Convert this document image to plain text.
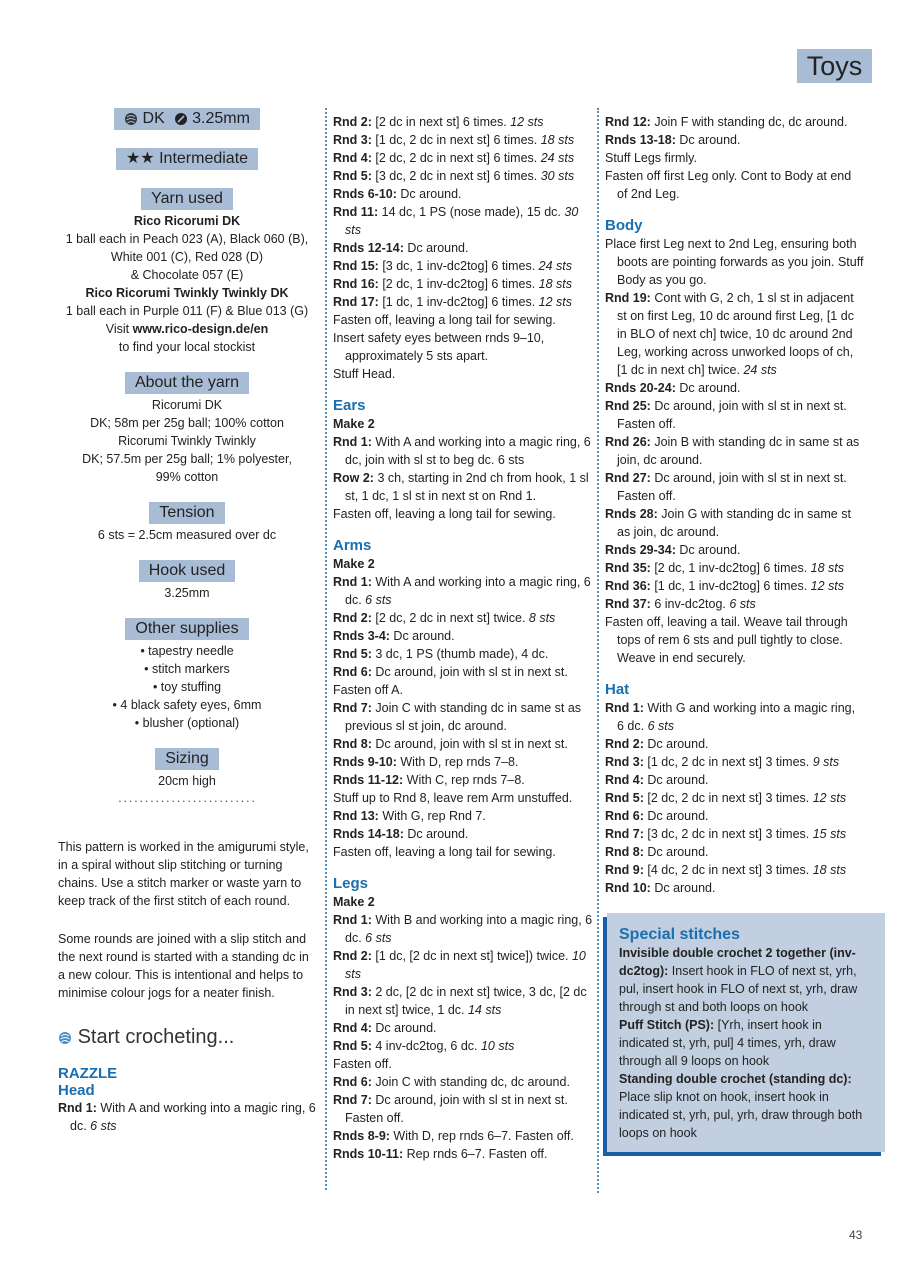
Toys
DK 3.25mm
★★ Intermediate
Yarn used
Rico Ricorumi DK
1 ball each in Peach 023 (A), Black 060 (B),
White 001 (C), Red 028 (D)
& Chocolate 057 (E)
Rico Ricorumi Twinkly Twinkly DK
1 ball each in Purple 011 (F) & Blue 013 (G)
Visit www.rico-design.de/en
to find your local stockist
About the yarn
Ricorumi DK
DK; 58m per 25g ball; 100% cotton
Ricorumi Twinkly Twinkly
DK; 57.5m per 25g ball; 1% polyester,
99% cotton
Tension
6 sts = 2.5cm measured over dc
Hook used
3.25mm
Other supplies
• tapestry needle
• stitch markers
• toy stuffing
• 4 black safety eyes, 6mm
• blusher (optional)
Sizing
20cm high
··························
This pattern is worked in the amigurumi style, in a spiral without slip stitching or turning chains. Use a stitch marker or waste yarn to keep track of the first stitch of each round.
Some rounds are joined with a slip stitch and the next round is started with a standing dc in a new colour. This is intentional and helps to minimise colour jogs for a neater finish.
Start crocheting...
RAZZLE
Head
Rnd 1: With A and working into a magic ring, 6 dc. 6 sts
Rnd 2: [2 dc in next st] 6 times. 12 sts
Rnd 3: [1 dc, 2 dc in next st] 6 times. 18 sts
Rnd 4: [2 dc, 2 dc in next st] 6 times. 24 sts
Rnd 5: [3 dc, 2 dc in next st] 6 times. 30 sts
Rnds 6-10: Dc around.
Rnd 11: 14 dc, 1 PS (nose made), 15 dc. 30 sts
Rnds 12-14: Dc around.
Rnd 15: [3 dc, 1 inv-dc2tog] 6 times. 24 sts
Rnd 16: [2 dc, 1 inv-dc2tog] 6 times. 18 sts
Rnd 17: [1 dc, 1 inv-dc2tog] 6 times. 12 sts
Fasten off, leaving a long tail for sewing.
Insert safety eyes between rnds 9–10, approximately 5 sts apart.
Stuff Head.
Ears
Make 2
Rnd 1: With A and working into a magic ring, 6 dc, join with sl st to beg dc. 6 sts
Row 2: 3 ch, starting in 2nd ch from hook, 1 sl st, 1 dc, 1 sl st in next st on Rnd 1.
Fasten off, leaving a long tail for sewing.
Arms
Make 2
Rnd 1: With A and working into a magic ring, 6 dc. 6 sts
Rnd 2: [2 dc, 2 dc in next st] twice. 8 sts
Rnds 3-4: Dc around.
Rnd 5: 3 dc, 1 PS (thumb made), 4 dc.
Rnd 6: Dc around, join with sl st in next st.
Fasten off A.
Rnd 7: Join C with standing dc in same st as previous sl st join, dc around.
Rnd 8: Dc around, join with sl st in next st.
Rnds 9-10: With D, rep rnds 7–8.
Rnds 11-12: With C, rep rnds 7–8.
Stuff up to Rnd 8, leave rem Arm unstuffed.
Rnd 13: With G, rep Rnd 7.
Rnds 14-18: Dc around.
Fasten off, leaving a long tail for sewing.
Legs
Make 2
Rnd 1: With B and working into a magic ring, 6 dc. 6 sts
Rnd 2: [1 dc, [2 dc in next st] twice]) twice. 10 sts
Rnd 3: 2 dc, [2 dc in next st] twice, 3 dc, [2 dc in next st] twice, 1 dc. 14 sts
Rnd 4: Dc around.
Rnd 5: 4 inv-dc2tog, 6 dc. 10 sts
Fasten off.
Rnd 6: Join C with standing dc, dc around.
Rnd 7: Dc around, join with sl st in next st. Fasten off.
Rnds 8-9: With D, rep rnds 6–7. Fasten off.
Rnds 10-11: Rep rnds 6–7. Fasten off.
Rnd 12: Join F with standing dc, dc around.
Rnds 13-18: Dc around.
Stuff Legs firmly.
Fasten off first Leg only. Cont to Body at end of 2nd Leg.
Body
Place first Leg next to 2nd Leg, ensuring both boots are pointing forwards as you join. Stuff Body as you go.
Rnd 19: Cont with G, 2 ch, 1 sl st in adjacent st on first Leg, 10 dc around first Leg, [1 dc in BLO of next ch] twice, 10 dc around 2nd Leg, working across unworked loops of ch, [1 dc in next ch] twice. 24 sts
Rnds 20-24: Dc around.
Rnd 25: Dc around, join with sl st in next st. Fasten off.
Rnd 26: Join B with standing dc in same st as join, dc around.
Rnd 27: Dc around, join with sl st in next st. Fasten off.
Rnds 28: Join G with standing dc in same st as join, dc around.
Rnds 29-34: Dc around.
Rnd 35: [2 dc, 1 inv-dc2tog] 6 times. 18 sts
Rnd 36: [1 dc, 1 inv-dc2tog] 6 times. 12 sts
Rnd 37: 6 inv-dc2tog. 6 sts
Fasten off, leaving a tail. Weave tail through tops of rem 6 sts and pull tightly to close. Weave in end securely.
Hat
Rnd 1: With G and working into a magic ring, 6 dc. 6 sts
Rnd 2: Dc around.
Rnd 3: [1 dc, 2 dc in next st] 3 times. 9 sts
Rnd 4: Dc around.
Rnd 5: [2 dc, 2 dc in next st] 3 times. 12 sts
Rnd 6: Dc around.
Rnd 7: [3 dc, 2 dc in next st] 3 times. 15 sts
Rnd 8: Dc around.
Rnd 9: [4 dc, 2 dc in next st] 3 times. 18 sts
Rnd 10: Dc around.
Special stitches
Invisible double crochet 2 together (inv-dc2tog): Insert hook in FLO of next st, yrh, pul, insert hook in FLO of next st, yrh, draw through st and both loops on hook
Puff Stitch (PS): [Yrh, insert hook in indicated st, yrh, pul] 4 times, yrh, draw through all 9 loops on hook
Standing double crochet (standing dc): Place slip knot on hook, insert hook in indicated st, yrh, pul, yrh, draw through both loops on hook
43
